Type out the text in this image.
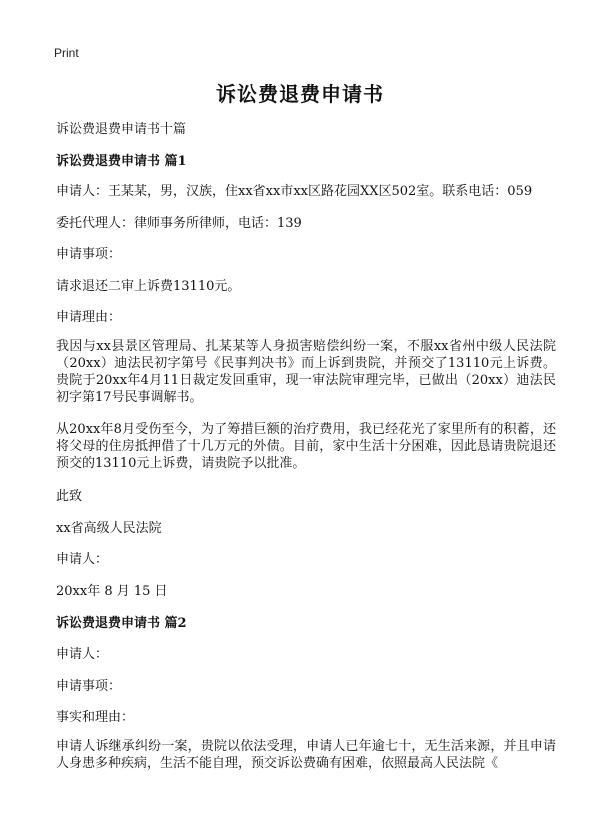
Print
诉讼费退费申请书
诉讼费退费申请书十篇
诉讼费退费申请书 篇1
申请人：王某某，男，汉族，住xx省xx市xx区路花园XX区502室。联系电话：059
委托代理人：律师事务所律师，电话：139
申请事项：
请求退还二审上诉费13110元。
申请理由：
我因与xx县景区管理局、扎某某等人身损害赔偿纠纷一案，不服xx省州中级人民法院（20xx）迪法民初字第号《民事判决书》而上诉到贵院，并预交了13110元上诉费。贵院于20xx年4月11日裁定发回重审，现一审法院审理完毕，已做出（20xx）迪法民初字第17号民事调解书。
从20xx年8月受伤至今，为了筹措巨额的治疗费用，我已经花光了家里所有的积蓄，还将父母的住房抵押借了十几万元的外债。目前，家中生活十分困难，因此恳请贵院退还预交的13110元上诉费，请贵院予以批准。
此致
xx省高级人民法院
申请人：
20xx年 8 月 15 日
诉讼费退费申请书 篇2
申请人：
申请事项：
事实和理由：
申请人诉继承纠纷一案，贵院以依法受理，申请人已年逾七十，无生活来源，并且申请人身患多种疾病，生活不能自理，预交诉讼费确有困难，依照最高人民法院《
